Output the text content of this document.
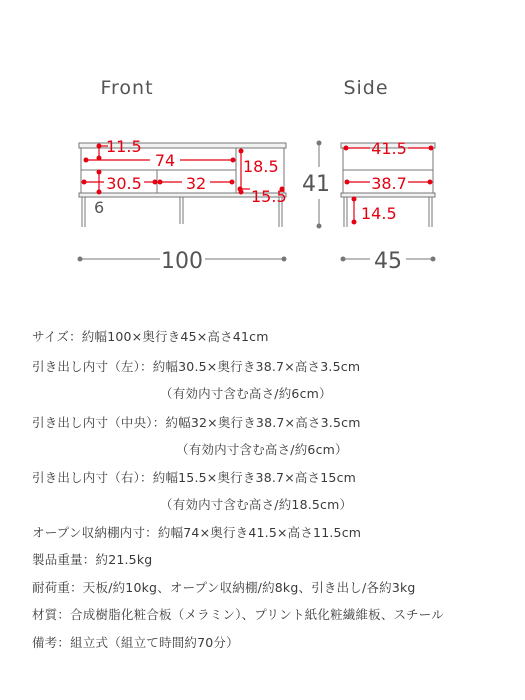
Front	Side
11.5
74	18.5
30.5	32
15.5
6
41
100
41.5
38.7
14.5
45
サイズ：約幅100×奥行き45×高さ41cm
引き出し内寸（左）：約幅30.5×奥行き38.7×高さ3.5cm
（有効内寸含む高さ/約6cm）
引き出し内寸（中央）：約幅32×奥行き38.7×高さ3.5cm
（有効内寸含む高さ/約6cm）
引き出し内寸（右）：約幅15.5×奥行き38.7×高さ15cm
（有効内寸含む高さ/約18.5cm）
オープン収納棚内寸：約幅74×奥行き41.5×高さ11.5cm
製品重量：約21.5kg
耐荷重：天板/約10kg、オープン収納棚/約8kg、引き出し/各約3kg
材質：合成樹脂化粧合板（メラミン）、プリント紙化粧繊維板、スチール
備考：組立式（組立て時間約70分）
